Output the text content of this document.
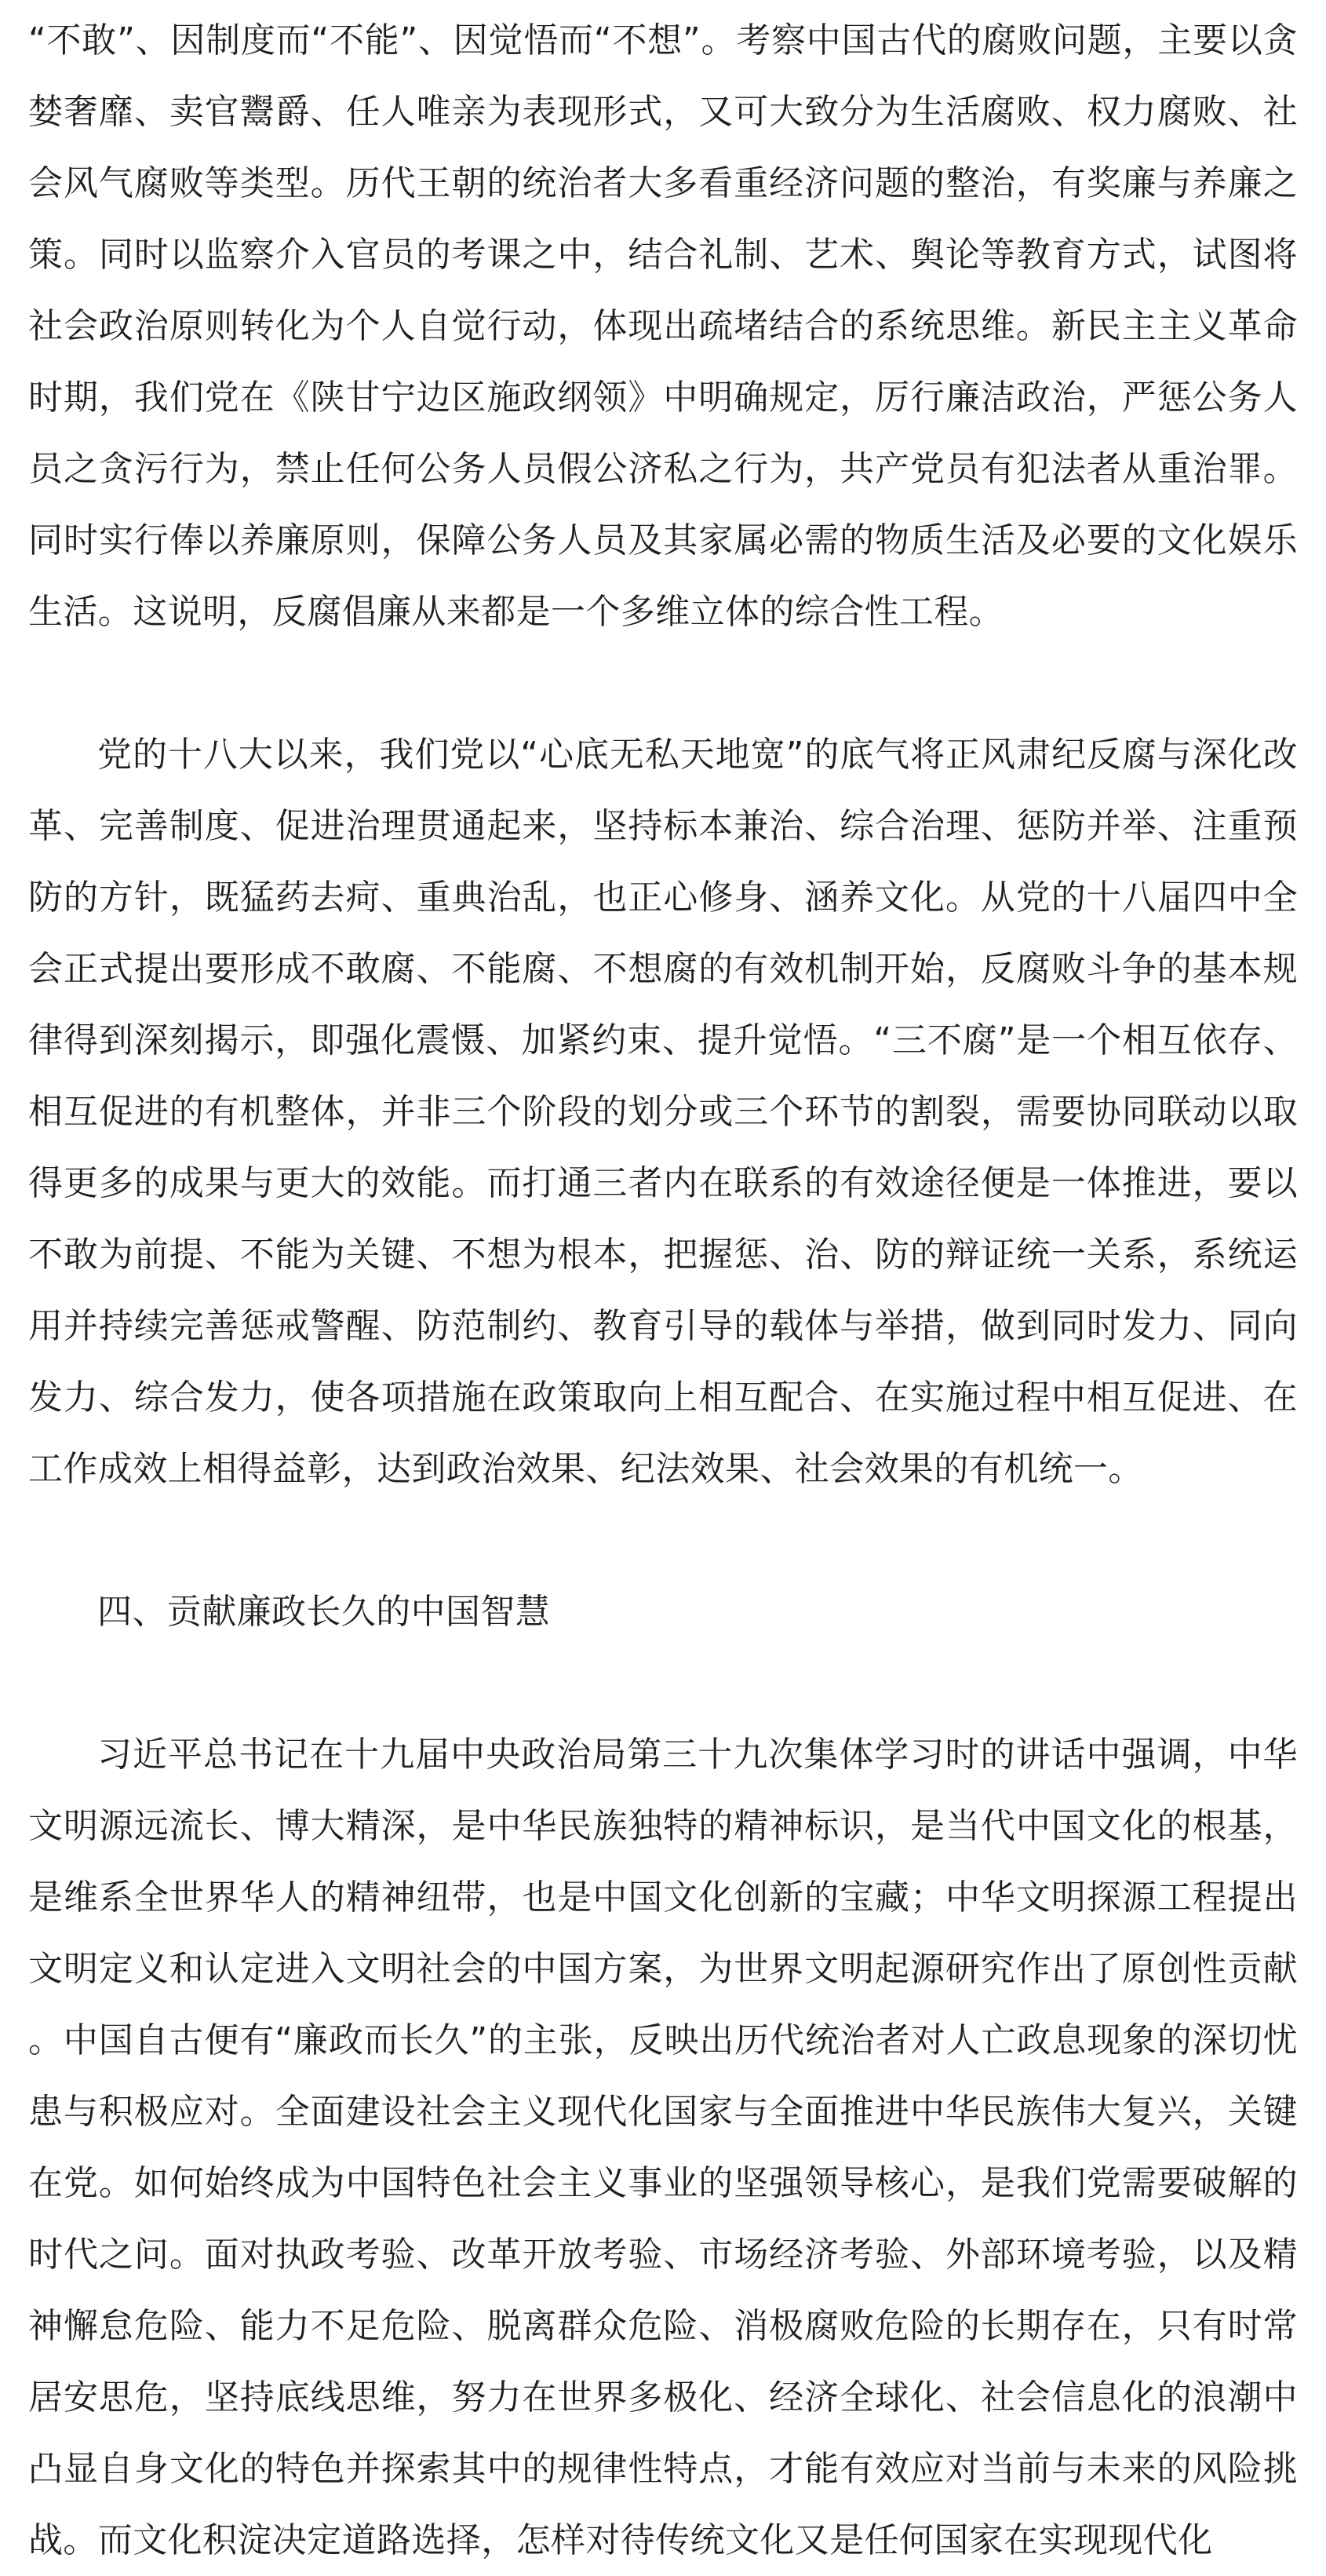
“不敢”、因制度而“不能”、因觉悟而“不想”。考察中国古代的腐败问题，主要以贪婪奢靡、卖官鬻爵、任人唯亲为表现形式，又可大致分为生活腐败、权力腐败、社会风气腐败等类型。历代王朝的统治者大多看重经济问题的整治，有奖廉与养廉之策。同时以监察介入官员的考课之中，结合礼制、艺术、舆论等教育方式，试图将社会政治原则转化为个人自觉行动，体现出疏堵结合的系统思维。新民主主义革命时期，我们党在《陕甘宁边区施政纲领》中明确规定，厉行廉洁政治，严惩公务人员之贪污行为，禁止任何公务人员假公济私之行为，共产党员有犯法者从重治罪。同时实行俸以养廉原则，保障公务人员及其家属必需的物质生活及必要的文化娱乐生活。这说明，反腐倡廉从来都是一个多维立体的综合性工程。

党的十八大以来，我们党以“心底无私天地宽”的底气将正风肃纪反腐与深化改革、完善制度、促进治理贯通起来，坚持标本兼治、综合治理、惩防并举、注重预防的方针，既猛药去疴、重典治乱，也正心修身、涵养文化。从党的十八届四中全会正式提出要形成不敢腐、不能腐、不想腐的有效机制开始，反腐败斗争的基本规律得到深刻揭示，即强化震慑、加紧约束、提升觉悟。“三不腐”是一个相互依存、相互促进的有机整体，并非三个阶段的划分或三个环节的割裂，需要协同联动以取得更多的成果与更大的效能。而打通三者内在联系的有效途径便是一体推进，要以不敢为前提、不能为关键、不想为根本，把握惩、治、防的辩证统一关系，系统运用并持续完善惩戒警醒、防范制约、教育引导的载体与举措，做到同时发力、同向发力、综合发力，使各项措施在政策取向上相互配合、在实施过程中相互促进、在工作成效上相得益彰，达到政治效果、纪法效果、社会效果的有机统一。

四、贡献廉政长久的中国智慧

习近平总书记在十九届中央政治局第三十九次集体学习时的讲话中强调，中华文明源远流长、博大精深，是中华民族独特的精神标识，是当代中国文化的根基，是维系全世界华人的精神纽带，也是中国文化创新的宝藏；中华文明探源工程提出文明定义和认定进入文明社会的中国方案，为世界文明起源研究作出了原创性贡献。中国自古便有“廉政而长久”的主张，反映出历代统治者对人亡政息现象的深切忧患与积极应对。全面建设社会主义现代化国家与全面推进中华民族伟大复兴，关键在党。如何始终成为中国特色社会主义事业的坚强领导核心，是我们党需要破解的时代之问。面对执政考验、改革开放考验、市场经济考验、外部环境考验，以及精神懈怠危险、能力不足危险、脱离群众危险、消极腐败危险的长期存在，只有时常居安思危，坚持底线思维，努力在世界多极化、经济全球化、社会信息化的浪潮中凸显自身文化的特色并探索其中的规律性特点，才能有效应对当前与未来的风险挑战。而文化积淀决定道路选择，怎样对待传统文化又是任何国家在实现现代化
